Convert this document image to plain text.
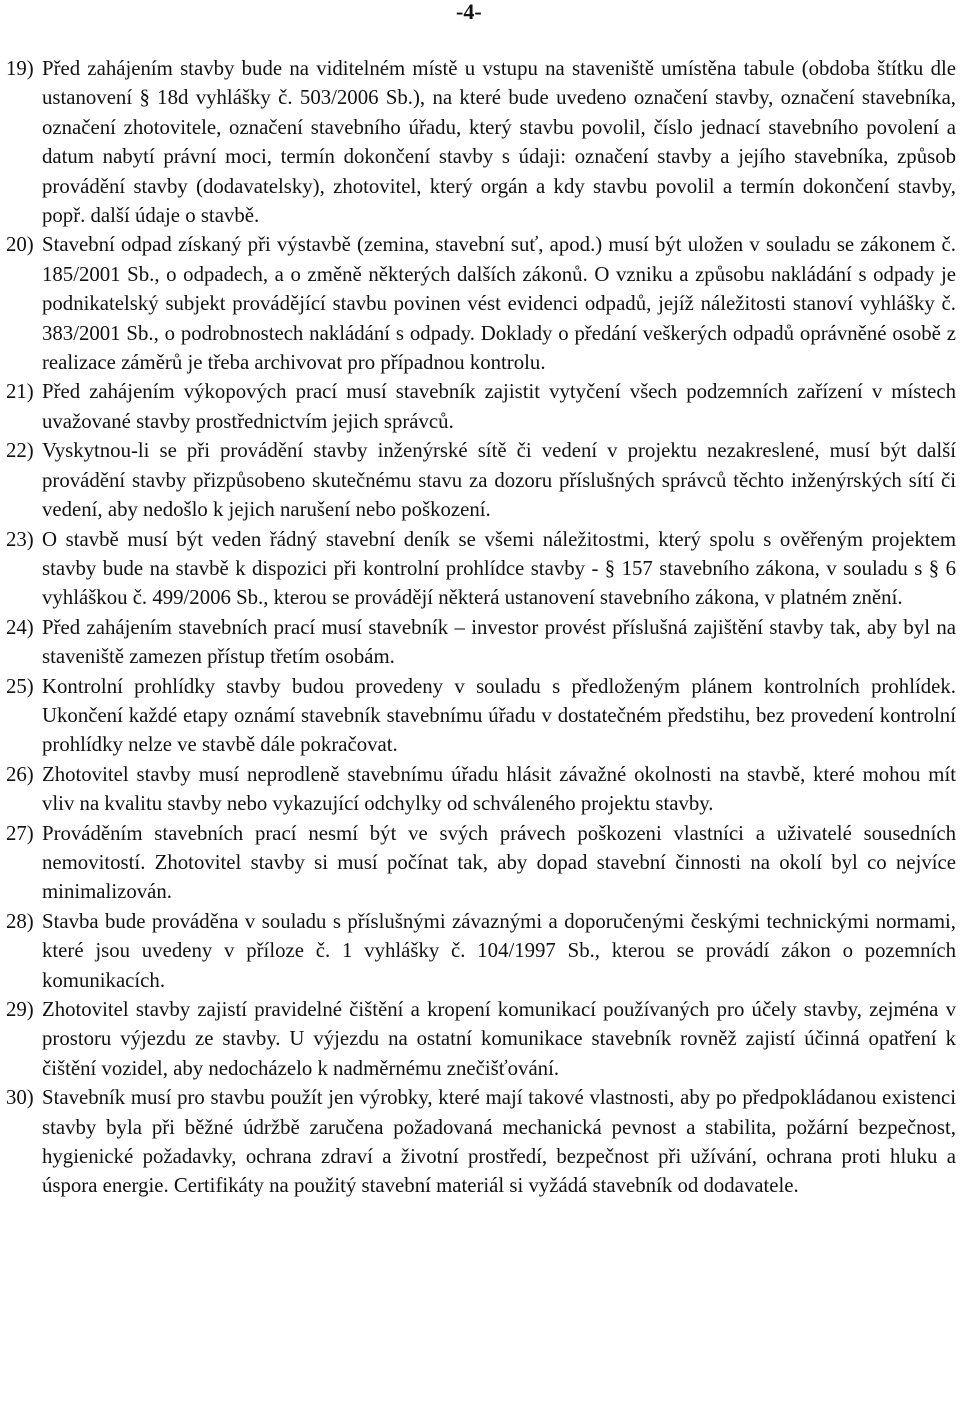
-4-
19) Před zahájením stavby bude na viditelném místě u vstupu na staveniště umístěna tabule (obdoba štítku dle ustanovení § 18d vyhlášky č. 503/2006 Sb.), na které bude uvedeno označení stavby, označení stavebníka, označení zhotovitele, označení stavebního úřadu, který stavbu povolil, číslo jednací stavebního povolení a datum nabytí právní moci, termín dokončení stavby s údaji: označení stavby a jejího stavebníka, způsob provádění stavby (dodavatelsky), zhotovitel, který orgán a kdy stavbu povolil a termín dokončení stavby, popř. další údaje o stavbě.
20) Stavební odpad získaný při výstavbě (zemina, stavební suť, apod.) musí být uložen v souladu se zákonem č. 185/2001 Sb., o odpadech, a o změně některých dalších zákonů. O vzniku a způsobu nakládání s odpady je podnikatelský subjekt provádějící stavbu povinen vést evidenci odpadů, jejíž náležitosti stanoví vyhlášky č. 383/2001 Sb., o podrobnostech nakládání s odpady. Doklady o předání veškerých odpadů oprávněné osobě z realizace záměrů je třeba archivovat pro případnou kontrolu.
21) Před zahájením výkopových prací musí stavebník zajistit vytyčení všech podzemních zařízení v místech uvažované stavby prostřednictvím jejich správců.
22) Vyskytnou-li se při provádění stavby inženýrské sítě či vedení v projektu nezakreslené, musí být další provádění stavby přizpůsobeno skutečnému stavu za dozoru příslušných správců těchto inženýrských sítí či vedení, aby nedošlo k jejich narušení nebo poškození.
23) O stavbě musí být veden řádný stavební deník se všemi náležitostmi, který spolu s ověřeným projektem stavby bude na stavbě k dispozici při kontrolní prohlídce stavby - § 157 stavebního zákona, v souladu s § 6 vyhláškou č. 499/2006 Sb., kterou se provádějí některá ustanovení stavebního zákona, v platném znění.
24) Před zahájením stavebních prací musí stavebník – investor provést příslušná zajištění stavby tak, aby byl na staveniště zamezen přístup třetím osobám.
25) Kontrolní prohlídky stavby budou provedeny v souladu s předloženým plánem kontrolních prohlídek. Ukončení každé etapy oznámí stavebník stavebnímu úřadu v dostatečném předstihu, bez provedení kontrolní prohlídky nelze ve stavbě dále pokračovat.
26) Zhotovitel stavby musí neprodleně stavebnímu úřadu hlásit závažné okolnosti na stavbě, které mohou mít vliv na kvalitu stavby nebo vykazující odchylky od schváleného projektu stavby.
27) Prováděním stavebních prací nesmí být ve svých právech poškozeni vlastníci a uživatelé sousedních nemovitostí. Zhotovitel stavby si musí počínat tak, aby dopad stavební činnosti na okolí byl co nejvíce minimalizován.
28) Stavba bude prováděna v souladu s příslušnými závaznými a doporučenými českými technickými normami, které jsou uvedeny v příloze č. 1 vyhlášky č. 104/1997 Sb., kterou se provádí zákon o pozemních komunikacích.
29) Zhotovitel stavby zajistí pravidelné čištění a kropení komunikací používaných pro účely stavby, zejména v prostoru výjezdu ze stavby. U výjezdu na ostatní komunikace stavebník rovněž zajistí účinná opatření k čištění vozidel, aby nedocházelo k nadměrnému znečišťování.
30) Stavebník musí pro stavbu použít jen výrobky, které mají takové vlastnosti, aby po předpokládanou existenci stavby byla při běžné údržbě zaručena požadovaná mechanická pevnost a stabilita, požární bezpečnost, hygienické požadavky, ochrana zdraví a životní prostředí, bezpečnost při užívání, ochrana proti hluku a úspora energie. Certifikáty na použitý stavební materiál si vyžádá stavebník od dodavatele.
